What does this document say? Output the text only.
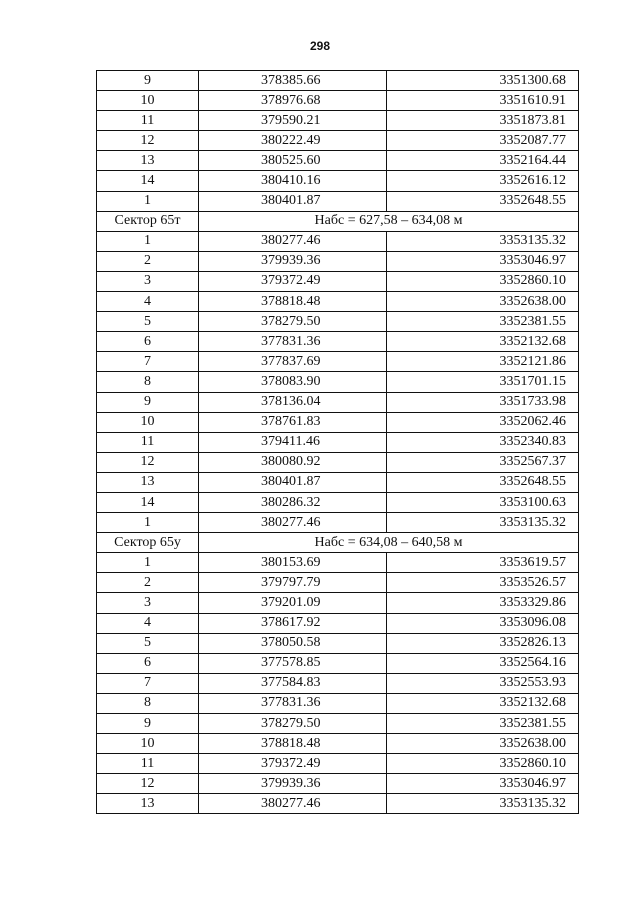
298
9	378385.66	3351300.68
10	378976.68	3351610.91
11	379590.21	3351873.81
12	380222.49	3352087.77
13	380525.60	3352164.44
14	380410.16	3352616.12
1	380401.87	3352648.55
Сектор 65т	Набс = 627,58 – 634,08 м	
1	380277.46	3353135.32
2	379939.36	3353046.97
3	379372.49	3352860.10
4	378818.48	3352638.00
5	378279.50	3352381.55
6	377831.36	3352132.68
7	377837.69	3352121.86
8	378083.90	3351701.15
9	378136.04	3351733.98
10	378761.83	3352062.46
11	379411.46	3352340.83
12	380080.92	3352567.37
13	380401.87	3352648.55
14	380286.32	3353100.63
1	380277.46	3353135.32
Сектор 65у	Набс = 634,08 – 640,58 м	
1	380153.69	3353619.57
2	379797.79	3353526.57
3	379201.09	3353329.86
4	378617.92	3353096.08
5	378050.58	3352826.13
6	377578.85	3352564.16
7	377584.83	3352553.93
8	377831.36	3352132.68
9	378279.50	3352381.55
10	378818.48	3352638.00
11	379372.49	3352860.10
12	379939.36	3353046.97
13	380277.46	3353135.32
